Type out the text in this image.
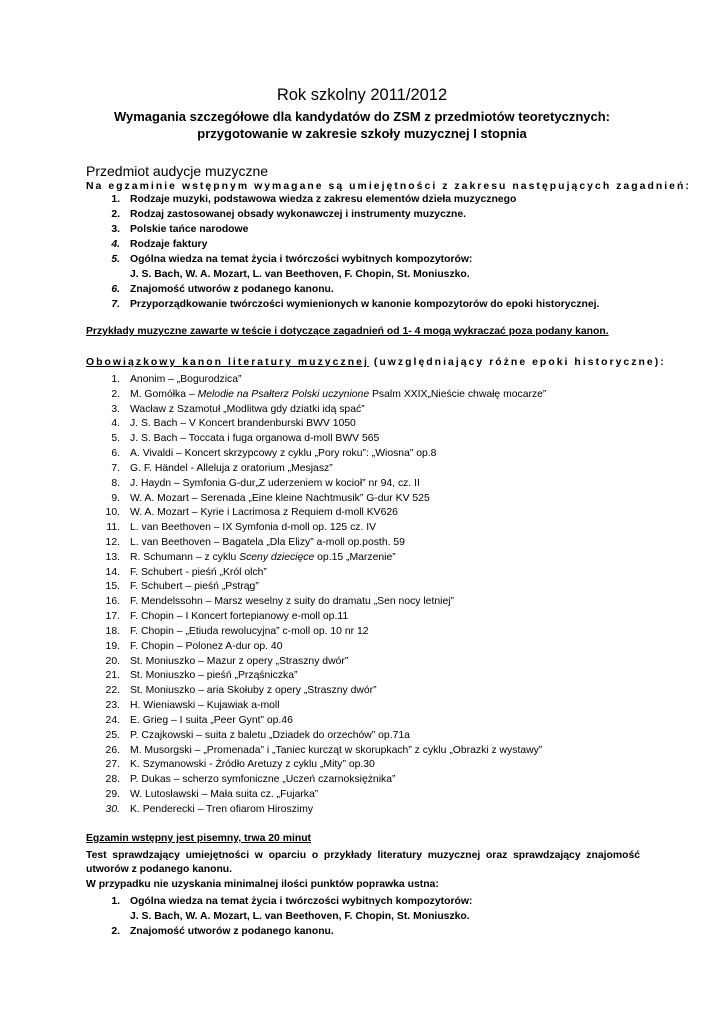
Rok szkolny 2011/2012
Wymagania szczegółowe dla kandydatów do ZSM z przedmiotów teoretycznych:
przygotowanie w zakresie szkoły muzycznej I stopnia
Przedmiot audycje muzyczne
Na egzaminie wstępnym wymagane są umiejętności z zakresu następujących zagadnień:
1. Rodzaje muzyki, podstawowa wiedza z zakresu elementów dzieła muzycznego
2. Rodzaj zastosowanej obsady wykonawczej i instrumenty muzyczne.
3. Polskie tańce narodowe
4. Rodzaje faktury
5. Ogólna wiedza na temat życia i twórczości wybitnych kompozytorów:
J. S. Bach, W. A. Mozart, L. van Beethoven, F. Chopin, St. Moniuszko.
6. Znajomość utworów z podanego kanonu.
7. Przyporządkowanie twórczości wymienionych w kanonie kompozytorów do epoki historycznej.
Przykłady muzyczne zawarte w teście i dotyczące zagadnień od 1- 4 mogą wykraczać poza podany kanon.
Obowiązkowy kanon literatury muzycznej (uwzględniający różne epoki historyczne):
1. Anonim – „Bogurodzica”
2. M. Gomółka – Melodie na Psałterz Polski uczynione Psalm XXIX„Nieście chwałę mocarze”
3. Wacław z Szamotuł „Modlitwa gdy dziatki idą spać”
4. J. S. Bach – V Koncert brandenburski BWV 1050
5. J. S. Bach – Toccata i fuga organowa d-moll BWV 565
6. A. Vivaldi – Koncert skrzypcowy z cyklu „Pory roku”: „Wiosna” op.8
7. G. F. Händel - Alleluja z oratorium „Mesjasz”
8. J. Haydn – Symfonia G-dur„Z uderzeniem w kocioł” nr 94, cz. II
9. W. A. Mozart – Serenada „Eine kleine Nachtmusik” G-dur KV 525
10. W. A. Mozart – Kyrie i Lacrimosa z Requiem d-moll KV626
11. L. van Beethoven – IX Symfonia d-moll op. 125 cz. IV
12. L. van Beethoven – Bagatela „Dla Elizy” a-moll op.posth. 59
13. R. Schumann – z cyklu Sceny dziecięce op.15 „Marzenie”
14. F. Schubert - pieśń „Król olch”
15. F. Schubert – pieśń „Pstrąg”
16. F. Mendelssohn – Marsz weselny z suity do dramatu „Sen nocy letniej”
17. F. Chopin – I Koncert fortepianowy e-moll op.11
18. F. Chopin – „Etiuda rewolucyjna” c-moll op. 10 nr 12
19. F. Chopin – Polonez A-dur op. 40
20. St. Moniuszko – Mazur z opery „Straszny dwór”
21. St. Moniuszko – pieśń „Prząśniczka”
22. St. Moniuszko – aria Skołuby z opery „Straszny dwór”
23. H. Wieniawski – Kujawiak a-moll
24. E. Grieg – I suita „Peer Gynt” op.46
25. P. Czajkowski – suita z baletu „Dziadek do orzechów” op.71a
26. M. Musorgski – „Promenada” i „Taniec kurcząt w skorupkach” z cyklu „Obrazki z wystawy”
27. K. Szymanowski - Źródło Aretuzy z cyklu „Mity” op.30
28. P. Dukas – scherzo symfoniczne „Uczeń czarnoksiężnika”
29. W. Lutosławski – Mała suita cz. „Fujarka”
30. K. Penderecki – Tren ofiarom Hiroszimy
Egzamin wstępny jest pisemny, trwa 20 minut
Test sprawdzający umiejętności w oparciu o przykłady literatury muzycznej oraz sprawdzający znajomość
utworów z podanego kanonu.
W przypadku nie uzyskania minimalnej ilości punktów poprawka ustna:
1. Ogólna wiedza na temat życia i twórczości wybitnych kompozytorów:
J. S. Bach, W. A. Mozart, L. van Beethoven, F. Chopin, St. Moniuszko.
2. Znajomość utworów z podanego kanonu.
